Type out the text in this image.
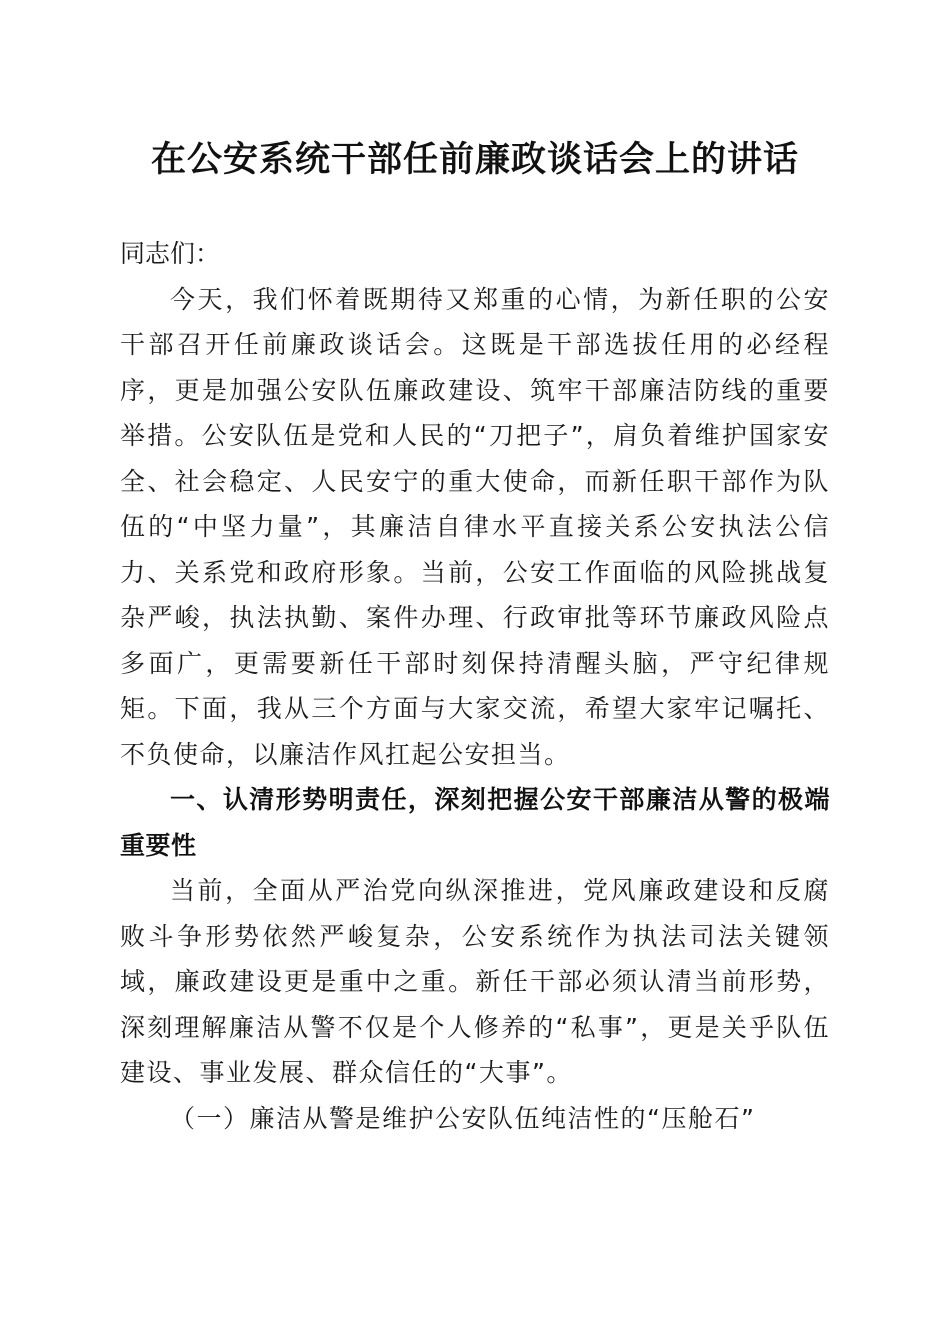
在公安系统干部任前廉政谈话会上的讲话

同志们：

今天，我们怀着既期待又郑重的心情，为新任职的公安干部召开任前廉政谈话会。这既是干部选拔任用的必经程序，更是加强公安队伍廉政建设、筑牢干部廉洁防线的重要举措。公安队伍是党和人民的“刀把子”，肩负着维护国家安全、社会稳定、人民安宁的重大使命，而新任职干部作为队伍的“中坚力量”，其廉洁自律水平直接关系公安执法公信力、关系党和政府形象。当前，公安工作面临的风险挑战复杂严峻，执法执勤、案件办理、行政审批等环节廉政风险点多面广，更需要新任干部时刻保持清醒头脑，严守纪律规矩。下面，我从三个方面与大家交流，希望大家牢记嘱托、不负使命，以廉洁作风扛起公安担当。

一、认清形势明责任，深刻把握公安干部廉洁从警的极端重要性

当前，全面从严治党向纵深推进，党风廉政建设和反腐败斗争形势依然严峻复杂，公安系统作为执法司法关键领域，廉政建设更是重中之重。新任干部必须认清当前形势，深刻理解廉洁从警不仅是个人修养的“私事”，更是关乎队伍建设、事业发展、群众信任的“大事”。

（一）廉洁从警是维护公安队伍纯洁性的“压舱石”
